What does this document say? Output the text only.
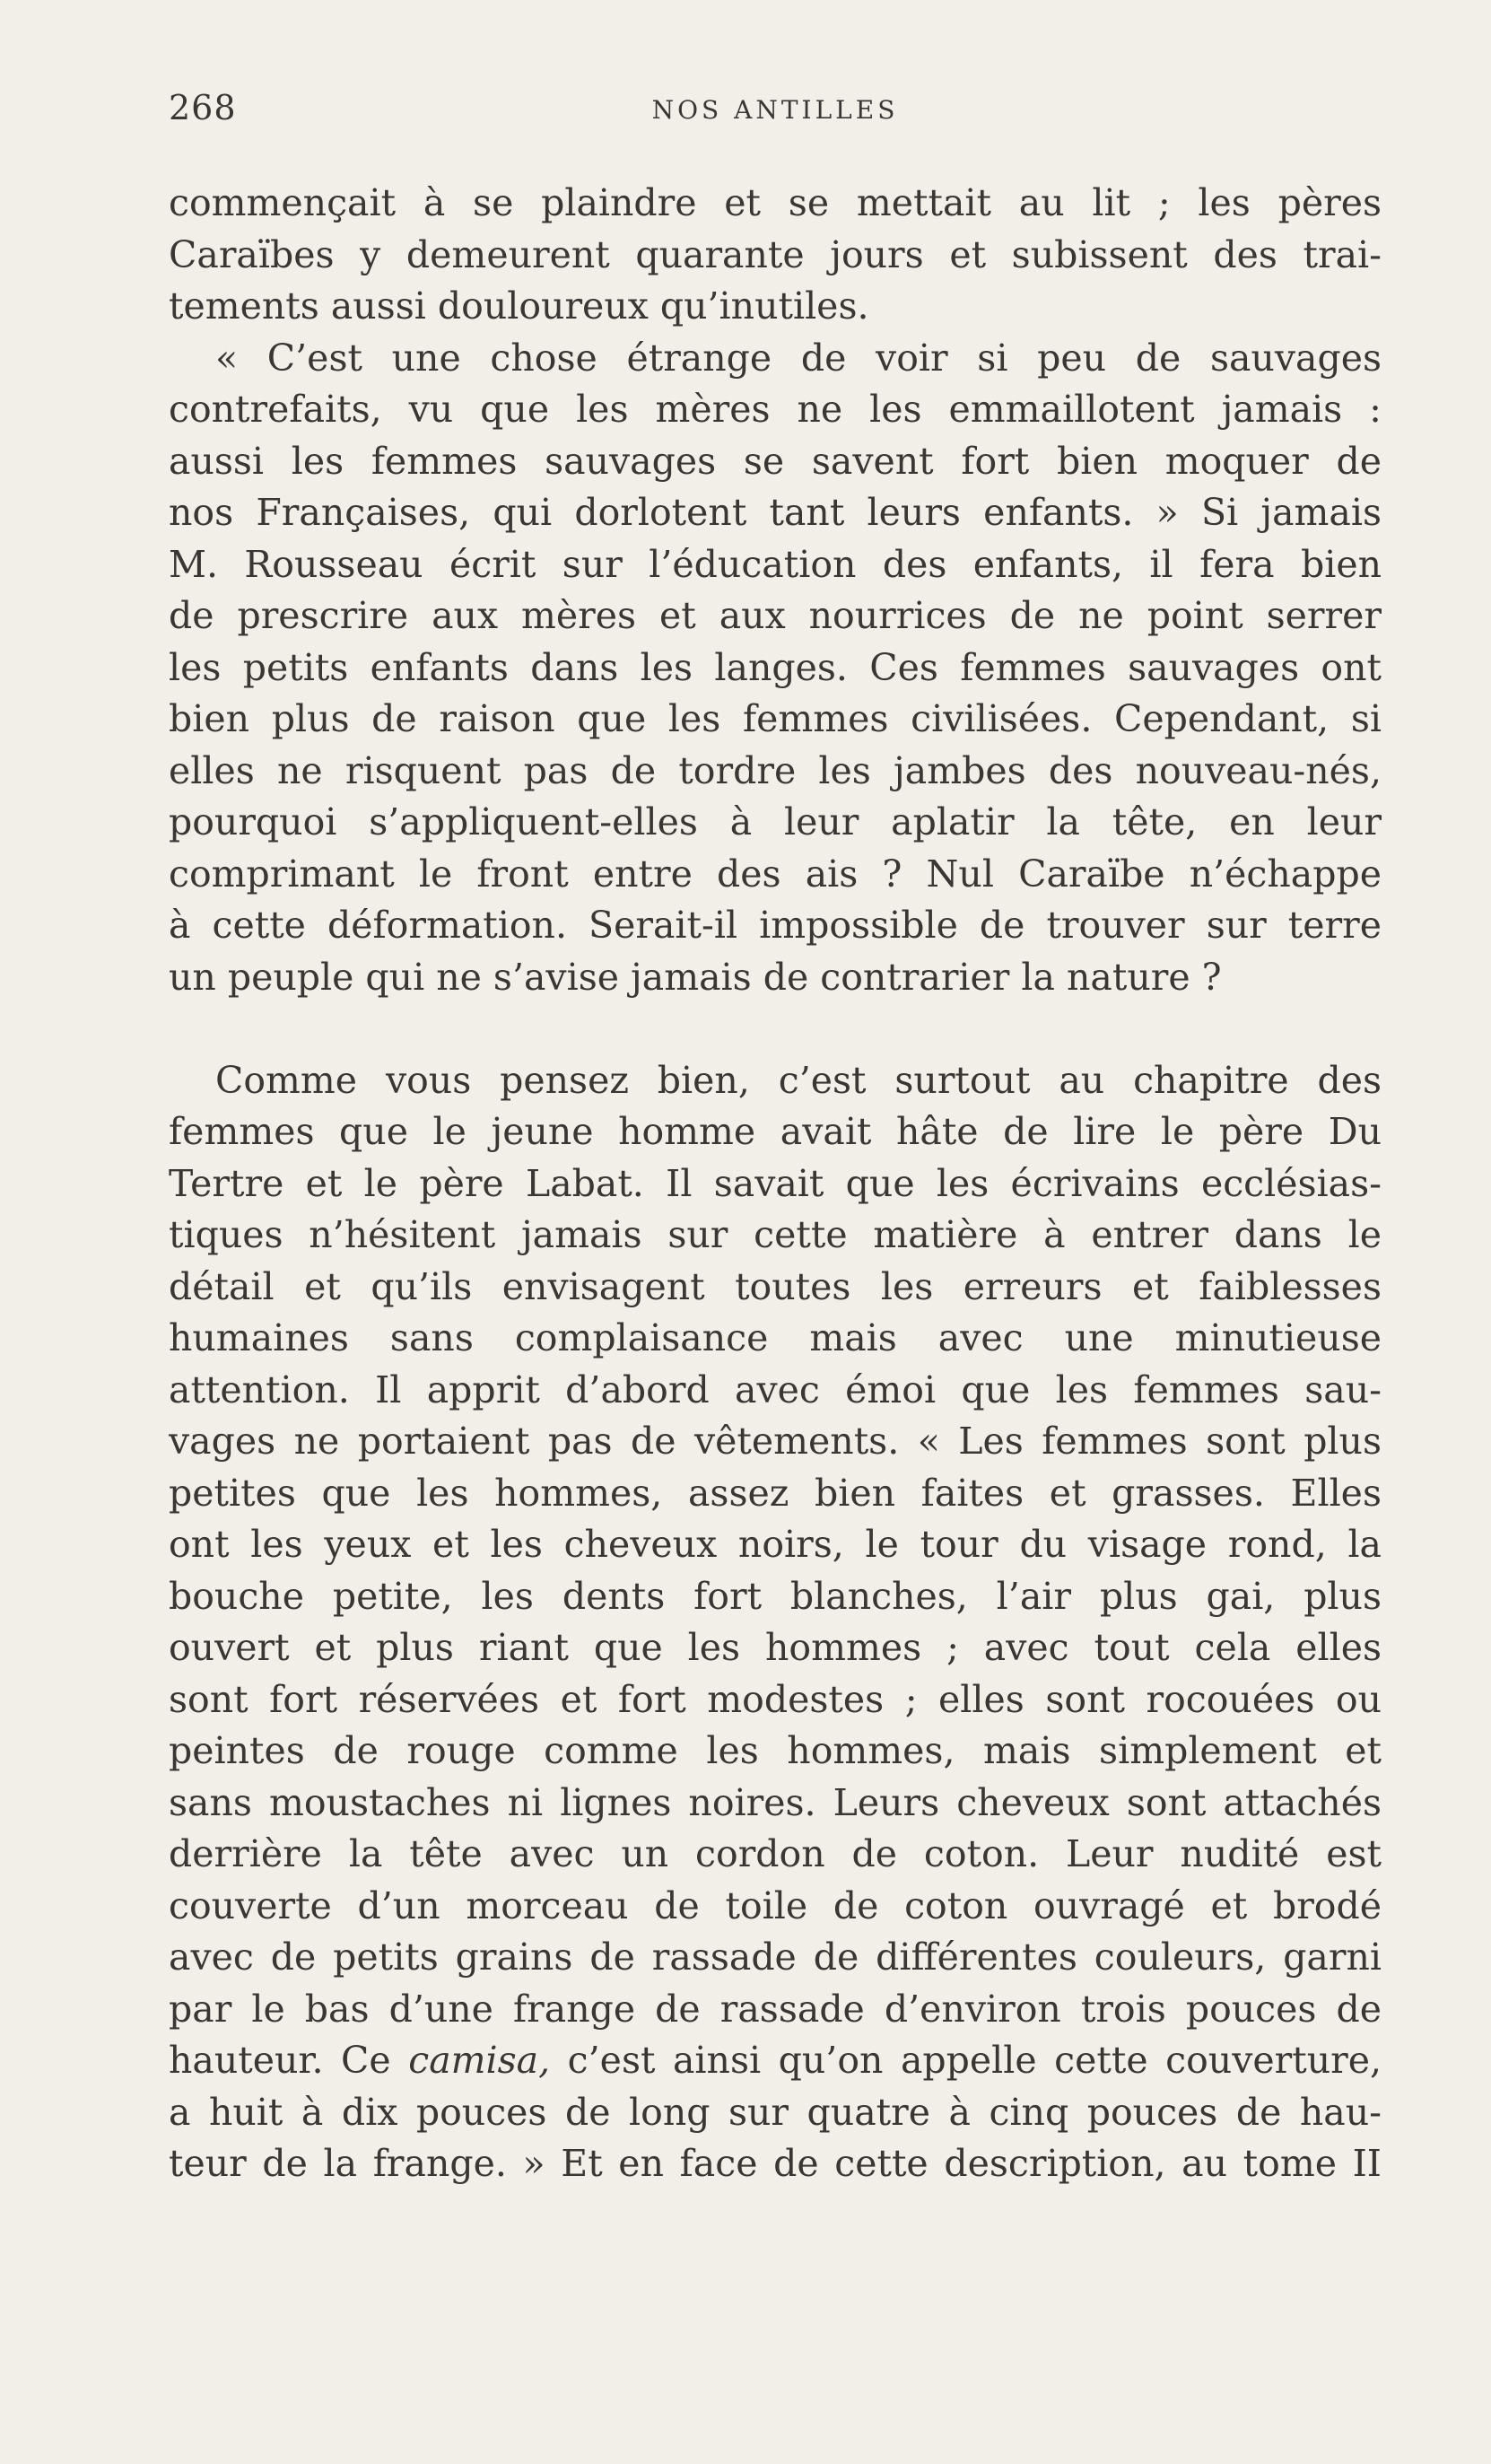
268	NOS ANTILLES
commençait à se plaindre et se mettait au lit ; les pères
Caraïbes y demeurent quarante jours et subissent des trai-
tements aussi douloureux qu’inutiles.
« C’est une chose étrange de voir si peu de sauvages
contrefaits, vu que les mères ne les emmaillotent jamais :
aussi les femmes sauvages se savent fort bien moquer de
nos Françaises, qui dorlotent tant leurs enfants. » Si jamais
M. Rousseau écrit sur l’éducation des enfants, il fera bien
de prescrire aux mères et aux nourrices de ne point serrer
les petits enfants dans les langes. Ces femmes sauvages ont
bien plus de raison que les femmes civilisées. Cependant, si
elles ne risquent pas de tordre les jambes des nouveau-nés,
pourquoi s’appliquent-elles à leur aplatir la tête, en leur
comprimant le front entre des ais ? Nul Caraïbe n’échappe
à cette déformation. Serait-il impossible de trouver sur terre
un peuple qui ne s’avise jamais de contrarier la nature ?
Comme vous pensez bien, c’est surtout au chapitre des
femmes que le jeune homme avait hâte de lire le père Du
Tertre et le père Labat. Il savait que les écrivains ecclésias-
tiques n’hésitent jamais sur cette matière à entrer dans le
détail et qu’ils envisagent toutes les erreurs et faiblesses
humaines sans complaisance mais avec une minutieuse
attention. Il apprit d’abord avec émoi que les femmes sau-
vages ne portaient pas de vêtements. « Les femmes sont plus
petites que les hommes, assez bien faites et grasses. Elles
ont les yeux et les cheveux noirs, le tour du visage rond, la
bouche petite, les dents fort blanches, l’air plus gai, plus
ouvert et plus riant que les hommes ; avec tout cela elles
sont fort réservées et fort modestes ; elles sont rocouées ou
peintes de rouge comme les hommes, mais simplement et
sans moustaches ni lignes noires. Leurs cheveux sont attachés
derrière la tête avec un cordon de coton. Leur nudité est
couverte d’un morceau de toile de coton ouvragé et brodé
avec de petits grains de rassade de différentes couleurs, garni
par le bas d’une frange de rassade d’environ trois pouces de
hauteur. Ce camisa, c’est ainsi qu’on appelle cette couverture,
a huit à dix pouces de long sur quatre à cinq pouces de hau-
teur de la frange. » Et en face de cette description, au tome II
